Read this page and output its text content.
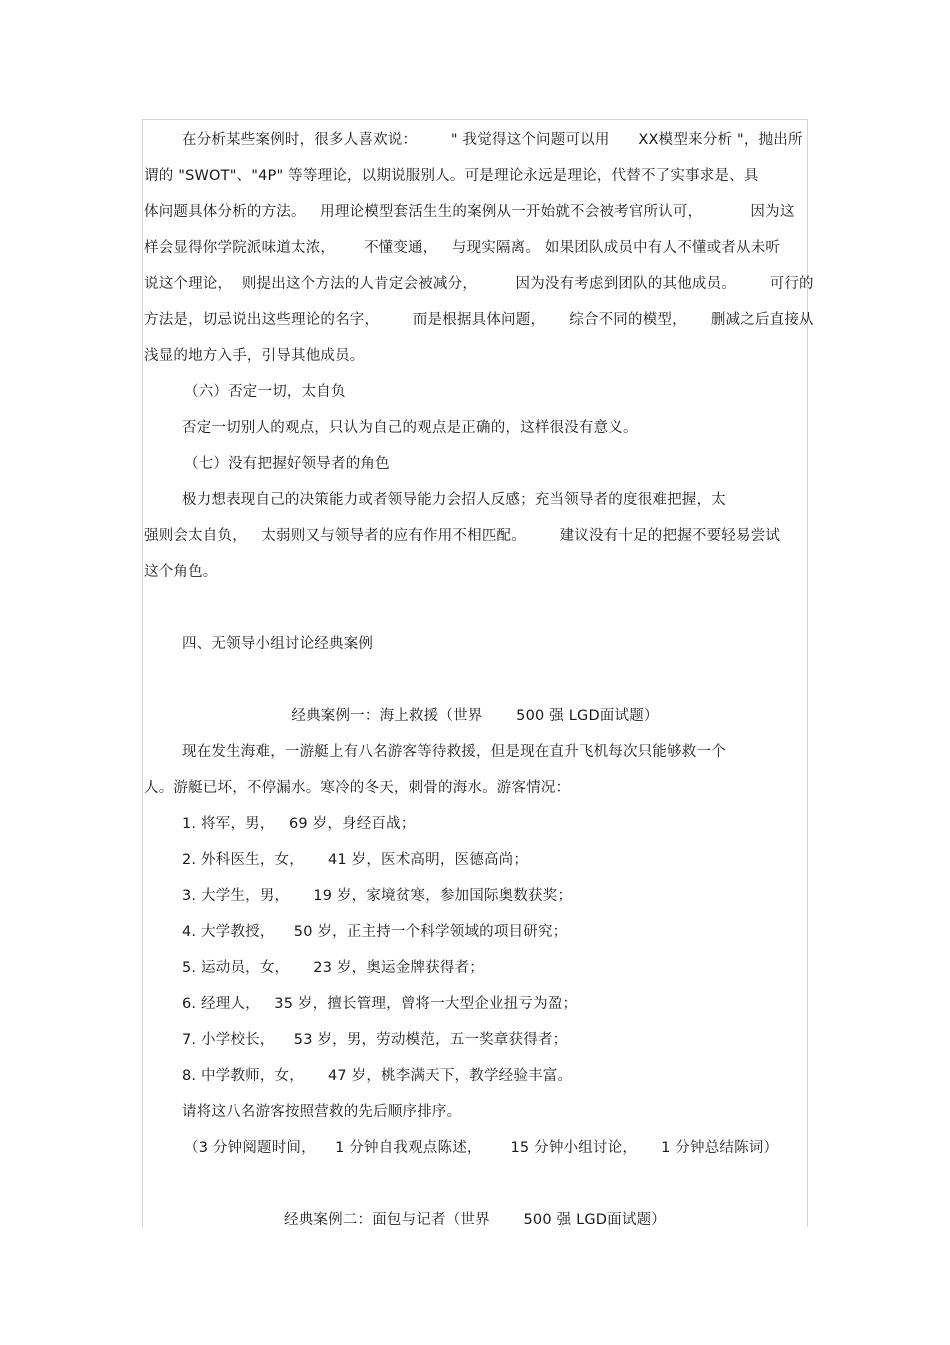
在分析某些案例时，很多人喜欢说：       " 我觉得这个问题可以用      XX模型来分析 "，抛出所
谓的 "SWOT"、"4P" 等等理论，以期说服别人。可是理论永远是理论，代替不了实事求是、具
体问题具体分析的方法。   用理论模型套活生生的案例从一开始就不会被考官所认可，          因为这
样会显得你学院派味道太浓，      不懂变通，   与现实隔离。 如果团队成员中有人不懂或者从未听
说这个理论，  则提出这个方法的人肯定会被减分，        因为没有考虑到团队的其他成员。       可行的
方法是，切忌说出这些理论的名字，       而是根据具体问题，     综合不同的模型，     删减之后直接从
浅显的地方入手，引导其他成员。
（六）否定一切，太自负
否定一切别人的观点，只认为自己的观点是正确的，这样很没有意义。
（七）没有把握好领导者的角色
极力想表现自己的决策能力或者领导能力会招人反感；充当领导者的度很难把握，太
强则会太自负，   太弱则又与领导者的应有作用不相匹配。       建议没有十足的把握不要轻易尝试
这个角色。
四、无领导小组讨论经典案例
经典案例一：海上救援（世界       500 强 LGD面试题）
现在发生海难，一游艇上有八名游客等待救援，但是现在直升飞机每次只能够救一个
人。游艇已坏，不停漏水。寒冷的冬天，刺骨的海水。游客情况：
1. 将军，男，   69 岁，身经百战；
2. 外科医生，女，     41 岁，医术高明，医德高尚；
3. 大学生，男，     19 岁，家境贫寒，参加国际奥数获奖；
4. 大学教授，    50 岁，正主持一个科学领域的项目研究；
5. 运动员，女，     23 岁，奥运金牌获得者；
6. 经理人，   35 岁，擅长管理，曾将一大型企业扭亏为盈；
7. 小学校长，    53 岁，男，劳动模范，五一奖章获得者；
8. 中学教师，女，     47 岁，桃李满天下，教学经验丰富。
请将这八名游客按照营救的先后顺序排序。
（3 分钟阅题时间，    1 分钟自我观点陈述，      15 分钟小组讨论，     1 分钟总结陈词）
经典案例二：面包与记者（世界       500 强 LGD面试题）
